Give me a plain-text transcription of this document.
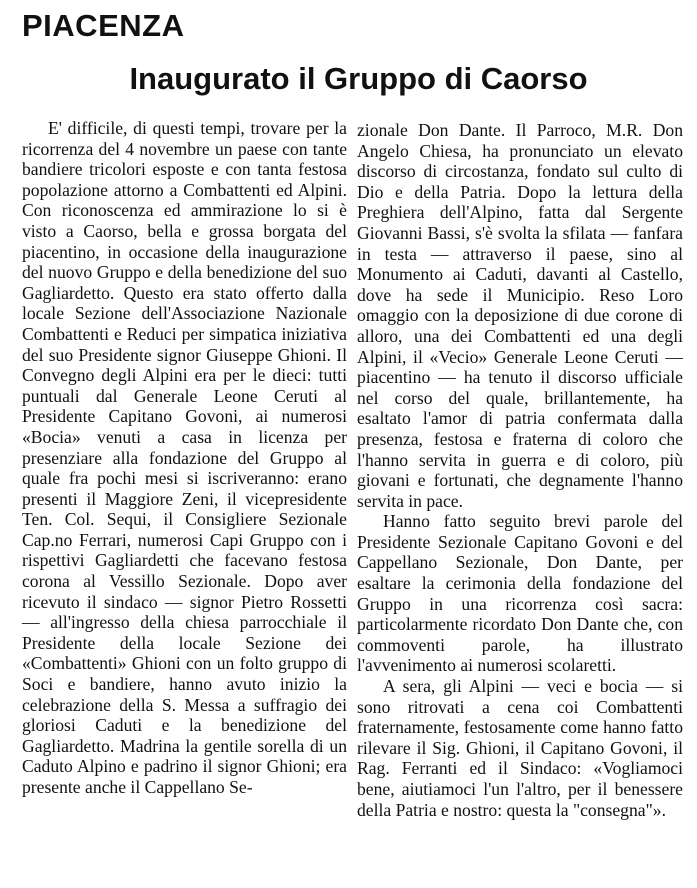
PIACENZA
Inaugurato il Gruppo di Caorso

E' difficile, di questi tempi, trovare per la ricorrenza del 4 novembre un paese con tante bandiere tricolori esposte e con tanta festosa popolazione attorno a Combattenti ed Alpini. Con riconoscenza ed ammirazione lo si è visto a Caorso, bella e grossa borgata del piacentino, in occasione della inaugurazione del nuovo Gruppo e della benedizione del suo Gagliardetto. Questo era stato offerto dalla locale Sezione dell'Associazione Nazionale Combattenti e Reduci per simpatica iniziativa del suo Presidente signor Giuseppe Ghioni. Il Convegno degli Alpini era per le dieci: tutti puntuali dal Generale Leone Ceruti al Presidente Capitano Govoni, ai numerosi «Bocia» venuti a casa in licenza per presenziare alla fondazione del Gruppo al quale fra pochi mesi si iscriveranno: erano presenti il Maggiore Zeni, il vicepresidente Ten. Col. Sequi, il Consigliere Sezionale Cap.no Ferrari, numerosi Capi Gruppo con i rispettivi Gagliardetti che facevano festosa corona al Vessillo Sezionale. Dopo aver ricevuto il sindaco — signor Pietro Rossetti — all'ingresso della chiesa parrocchiale il Presidente della locale Sezione dei «Combattenti» Ghioni con un folto gruppo di Soci e bandiere, hanno avuto inizio la celebrazione della S. Messa a suffragio dei gloriosi Caduti e la benedizione del Gagliardetto. Madrina la gentile sorella di un Caduto Alpino e padrino il signor Ghioni; era presente anche il Cappellano Se-

zionale Don Dante. Il Parroco, M.R. Don Angelo Chiesa, ha pronunciato un elevato discorso di circostanza, fondato sul culto di Dio e della Patria. Dopo la lettura della Preghiera dell'Alpino, fatta dal Sergente Giovanni Bassi, s'è svolta la sfilata — fanfara in testa — attraverso il paese, sino al Monumento ai Caduti, davanti al Castello, dove ha sede il Municipio. Reso Loro omaggio con la deposizione di due corone di alloro, una dei Combattenti ed una degli Alpini, il «Vecio» Generale Leone Ceruti — piacentino — ha tenuto il discorso ufficiale nel corso del quale, brillantemente, ha esaltato l'amor di patria confermata dalla presenza, festosa e fraterna di coloro che l'hanno servita in guerra e di coloro, più giovani e fortunati, che degnamente l'hanno servita in pace.

Hanno fatto seguito brevi parole del Presidente Sezionale Capitano Govoni e del Cappellano Sezionale, Don Dante, per esaltare la cerimonia della fondazione del Gruppo in una ricorrenza così sacra: particolarmente ricordato Don Dante che, con commoventi parole, ha illustrato l'avvenimento ai numerosi scolaretti.

A sera, gli Alpini — veci e bocia — si sono ritrovati a cena coi Combattenti fraternamente, festosamente come hanno fatto rilevare il Sig. Ghioni, il Capitano Govoni, il Rag. Ferranti ed il Sindaco: «Vogliamoci bene, aiutiamoci l'un l'altro, per il benessere della Patria e nostro: questa la "consegna"».
